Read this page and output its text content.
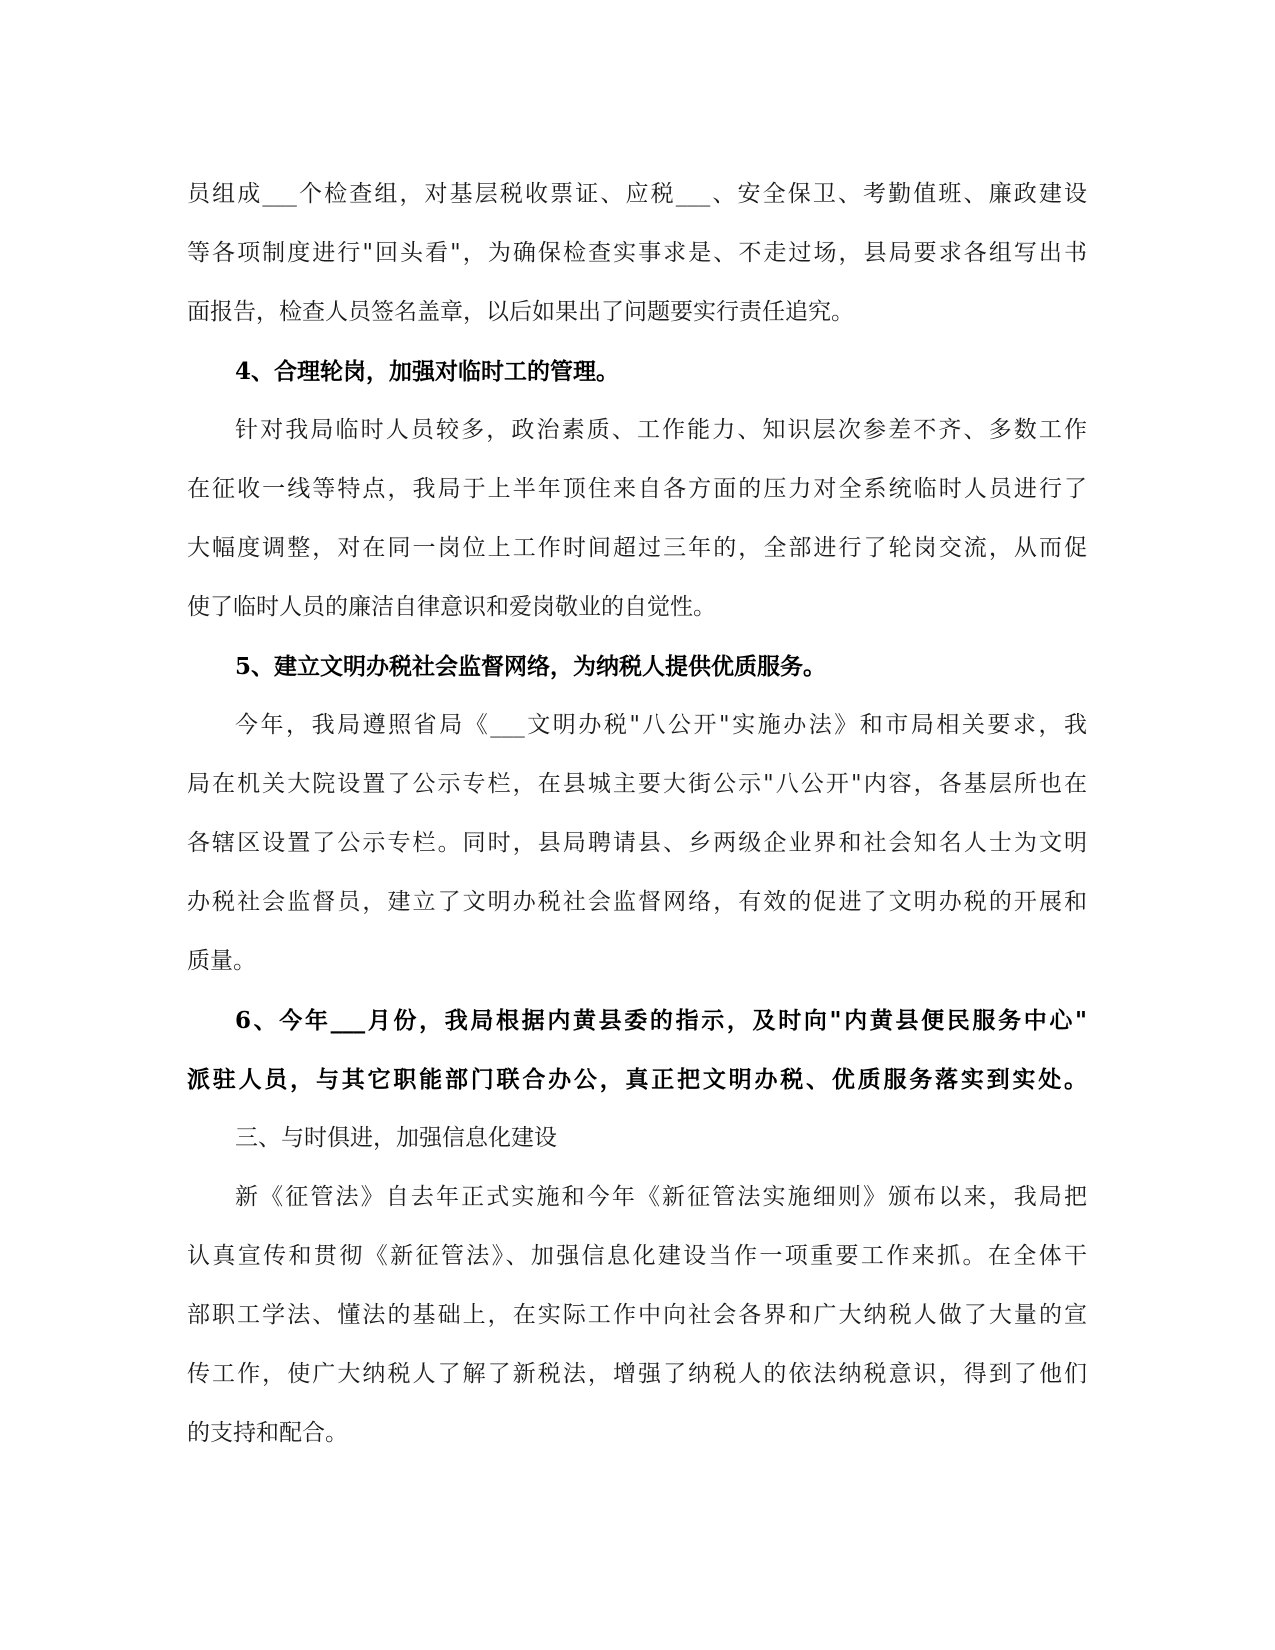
员组成___个检查组，对基层税收票证、应税___、安全保卫、考勤值班、廉政建设
等各项制度进行"回头看"，为确保检查实事求是、不走过场，县局要求各组写出书
面报告，检查人员签名盖章，以后如果出了问题要实行责任追究。
4、合理轮岗，加强对临时工的管理。
针对我局临时人员较多，政治素质、工作能力、知识层次参差不齐、多数工作
在征收一线等特点，我局于上半年顶住来自各方面的压力对全系统临时人员进行了
大幅度调整，对在同一岗位上工作时间超过三年的，全部进行了轮岗交流，从而促
使了临时人员的廉洁自律意识和爱岗敬业的自觉性。
5、建立文明办税社会监督网络，为纳税人提供优质服务。
今年，我局遵照省局《___文明办税"八公开"实施办法》和市局相关要求，我
局在机关大院设置了公示专栏，在县城主要大街公示"八公开"内容，各基层所也在
各辖区设置了公示专栏。同时，县局聘请县、乡两级企业界和社会知名人士为文明
办税社会监督员，建立了文明办税社会监督网络，有效的促进了文明办税的开展和
质量。
6、今年___月份，我局根据内黄县委的指示，及时向"内黄县便民服务中心"
派驻人员，与其它职能部门联合办公，真正把文明办税、优质服务落实到实处。
三、与时俱进，加强信息化建设
新《征管法》自去年正式实施和今年《新征管法实施细则》颁布以来，我局把
认真宣传和贯彻《新征管法》、加强信息化建设当作一项重要工作来抓。在全体干
部职工学法、懂法的基础上，在实际工作中向社会各界和广大纳税人做了大量的宣
传工作，使广大纳税人了解了新税法，增强了纳税人的依法纳税意识，得到了他们
的支持和配合。
